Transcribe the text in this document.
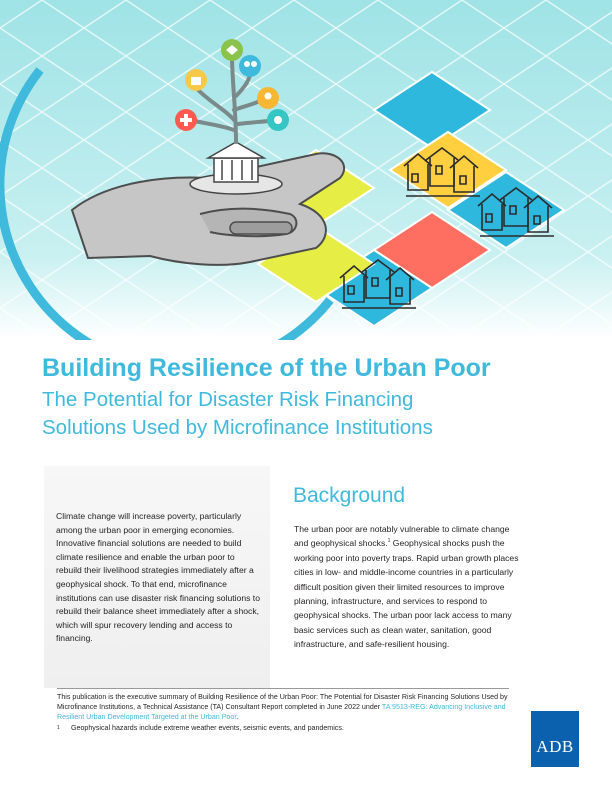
Building Resilience of the Urban Poor
The Potential for Disaster Risk Financing
Solutions Used by Microfinance Institutions
Climate change will increase poverty, particularly among the urban poor in emerging economies. Innovative financial solutions are needed to build climate resilience and enable the urban poor to rebuild their livelihood strategies immediately after a geophysical shock. To that end, microfinance institutions can use disaster risk financing solutions to rebuild their balance sheet immediately after a shock, which will spur recovery lending and access to financing.
Background
The urban poor are notably vulnerable to climate change and geophysical shocks.$^1$ Geophysical shocks push the working poor into poverty traps. Rapid urban growth places cities in low- and middle-income countries in a particularly difficult position given their limited resources to improve planning, infrastructure, and services to respond to geophysical shocks. The urban poor lack access to many basic services such as clean water, sanitation, good infrastructure, and safe-resilient housing.
This publication is the executive summary of Building Resilience of the Urban Poor: The Potential for Disaster Risk Financing Solutions Used by Microfinance Institutions, a Technical Assistance (TA) Consultant Report completed in June 2022 under TA 9513-REG: Advancing Inclusive and Resilient Urban Development Targeted at the Urban Poor.
1	Geophysical hazards include extreme weather events, seismic events, and pandemics.
ADB
